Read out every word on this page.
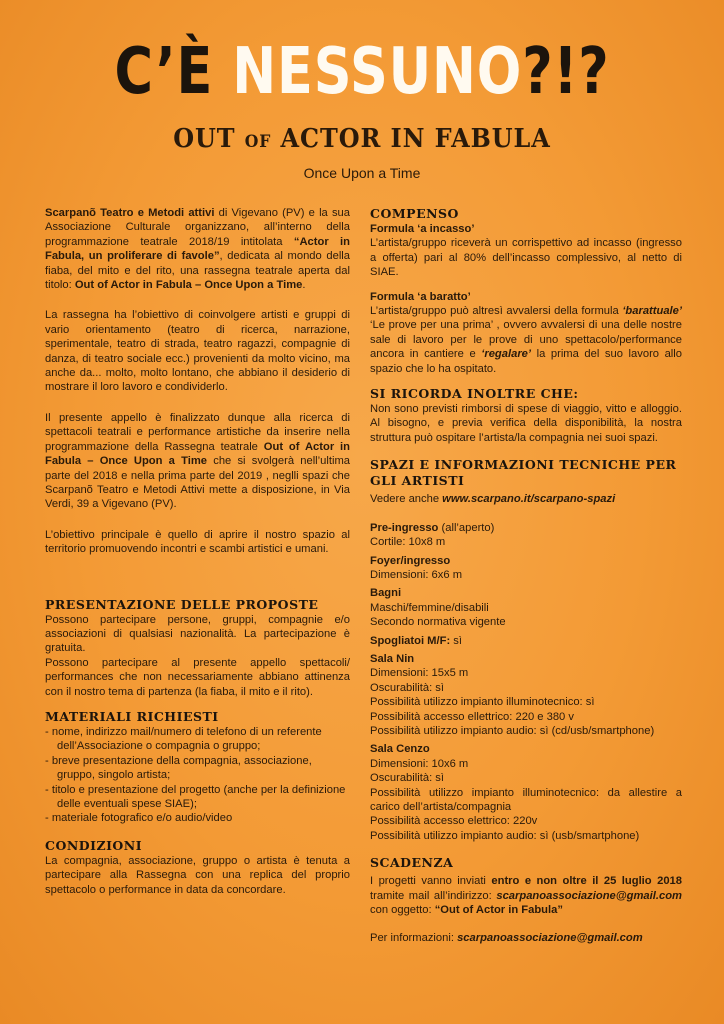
C’È NESSUNO?!?
OUT OF ACTOR IN FABULA
Once Upon a Time

Scarpanõ Teatro e Metodi attivi di Vigevano (PV) e la sua Associazione Culturale organizzano, all’interno della programmazione teatrale 2018/19 intitolata “Actor in Fabula, un proliferare di favole”, dedicata al mondo della fiaba, del mito e del rito, una rassegna teatrale aperta dal titolo: Out of Actor in Fabula – Once Upon a Time.

La rassegna ha l’obiettivo di coinvolgere artisti e gruppi di vario orientamento (teatro di ricerca, narrazione, sperimentale, teatro di strada, teatro ragazzi, compagnie di danza, di teatro sociale ecc.) provenienti da molto vicino, ma anche da... molto, molto lontano, che abbiano il desiderio di mostrare il loro lavoro e condividerlo.

Il presente appello è finalizzato dunque alla ricerca di spettacoli teatrali e performance artistiche da inserire nella programmazione della Rassegna teatrale Out of Actor in Fabula – Once Upon a Time che si svolgerà nell’ultima parte del 2018 e nella prima parte del 2019 , neglli spazi che Scarpanõ Teatro e Metodi Attivi mette a disposizione, in Via Verdi, 39 a Vigevano (PV).

L’obiettivo principale è quello di aprire il nostro spazio al territorio promuovendo incontri e scambi artistici e umani.

PRESENTAZIONE DELLE PROPOSTE

Possono partecipare persone, gruppi, compagnie e/o associazioni di qualsiasi nazionalità. La partecipazione è gratuita.

Possono partecipare al presente appello spettacoli/ performances che non necessariamente abbiano attinenza con il nostro tema di partenza (la fiaba, il mito e il rito).

MATERIALI RICHIESTI
- nome, indirizzo mail/numero di telefono di un referente dell’Associazione o compagnia o gruppo;
- breve presentazione della compagnia, associazione, gruppo, singolo artista;
- titolo e presentazione del progetto (anche per la definizione delle eventuali spese SIAE);
- materiale fotografico e/o audio/video
CONDIZIONI

La compagnia, associazione, gruppo o artista è tenuta a partecipare alla Rassegna con una replica del proprio spettacolo o performance in data da concordare.

COMPENSO
Formula ‘a incasso’

L’artista/gruppo riceverà un corrispettivo ad incasso (ingresso a offerta) pari al 80% dell’incasso complessivo, al netto di SIAE.

Formula ‘a baratto’

L’artista/gruppo può altresì avvalersi della formula ‘barattuale’ ‘Le prove per una prima’ , ovvero avvalersi di una delle nostre sale di lavoro per le prove di uno spettacolo/performance ancora in cantiere e ‘regalare’ la prima del suo lavoro allo spazio che lo ha ospitato.

SI RICORDA INOLTRE CHE:

Non sono previsti rimborsi di spese di viaggio, vitto e alloggio. Al bisogno, e previa verifica della disponibilità, la nostra struttura può ospitare l’artista/la compagnia nei suoi spazi.

SPAZI E INFORMAZIONI TECNICHE PER GLI ARTISTI
Vedere anche www.scarpano.it/scarpano-spazi
Pre-ingresso (all’aperto)
Cortile: 10x8 m
Foyer/ingresso
Dimensioni: 6x6 m
Bagni
Maschi/femmine/disabili
Secondo normativa vigente
Spogliatoi M/F: sì
Sala Nin
Dimensioni: 15x5 m
Oscurabilità: sì
Possibilità utilizzo impianto illuminotecnico: sì
Possibilità accesso ellettrico: 220 e 380 v
Possibilità utilizzo impianto audio: sì (cd/usb/smartphone)
Sala Cenzo
Dimensioni: 10x6 m
Oscurabilità: sì

Possibilità utilizzo impianto illuminotecnico: da allestire a carico dell’artista/compagnia

Possibilità accesso elettrico: 220v
Possibilità utilizzo impianto audio: sì (usb/smartphone)
SCADENZA

I progetti vanno inviati entro e non oltre il 25 luglio 2018 tramite mail all’indirizzo: scarpanoassociazione@gmail.com con oggetto: “Out of Actor in Fabula”

Per informazioni: scarpanoassociazione@gmail.com
